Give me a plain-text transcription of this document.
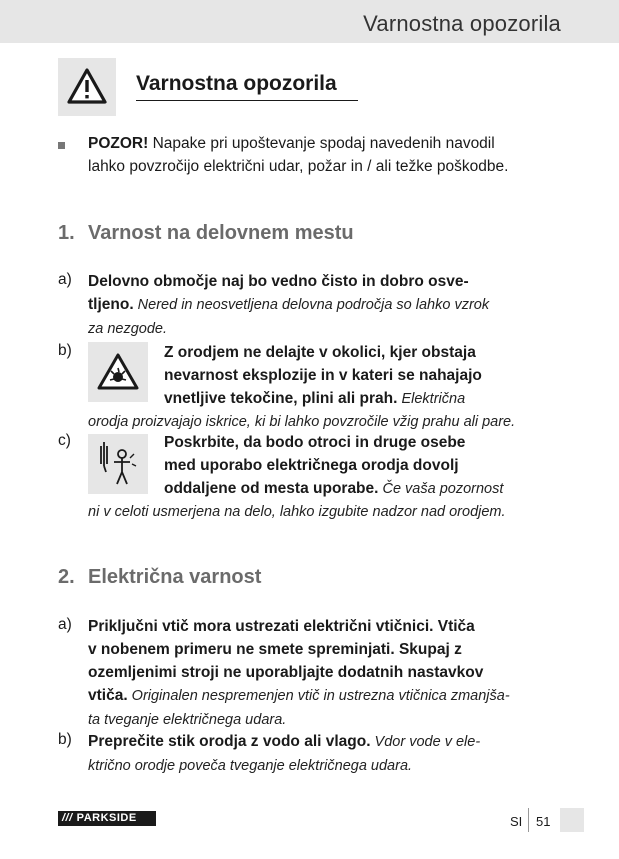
Varnostna opozorila
Varnostna opozorila
POZOR! Napake pri upoštevanje spodaj navedenih navodil
lahko povzročijo električni udar, požar in / ali težke poškodbe.
1. Varnost na delovnem mestu
a) Delovno območje naj bo vedno čisto in dobro osve-
tljeno. Nered in neosvetljena delovna področja so lahko vzrok
za nezgode.
b)	Z orodjem ne delajte v okolici, kjer obstaja
nevarnost eksplozije in v kateri se nahajajo
vnetljive tekočine, plini ali prah. Električna
orodja proizvajajo iskrice, ki bi lahko povzročile vžig prahu ali pare.
c)	Poskrbite, da bodo otroci in druge osebe
med uporabo električnega orodja dovolj
oddaljene od mesta uporabe. Če vaša pozornost
ni v celoti usmerjena na delo, lahko izgubite nadzor nad orodjem.
2. Električna varnost
a) Priključni vtič mora ustrezati električni vtičnici. Vtiča
v nobenem primeru ne smete spreminjati. Skupaj z
ozemljenimi stroji ne uporabljajte dodatnih nastavkov
vtiča. Originalen nespremenjen vtič in ustrezna vtičnica zmanjša-
ta tveganje električnega udara.
b) Preprečite stik orodja z vodo ali vlago. Vdor vode v ele-
ktrično orodje poveča tveganje električnega udara.
/// PARKSIDE	SI 51
